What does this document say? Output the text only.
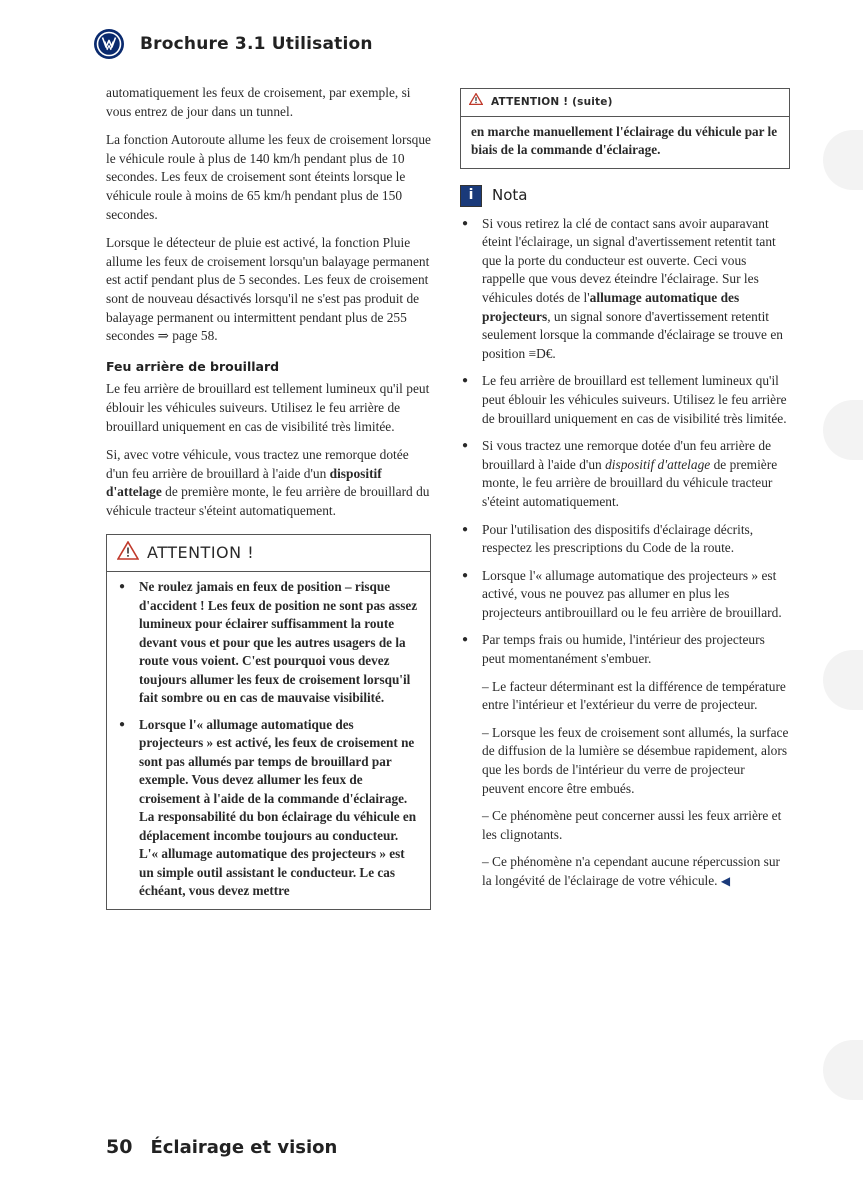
Brochure 3.1 Utilisation

automatiquement les feux de croisement, par exemple, si vous entrez de jour dans un tunnel.

La fonction Autoroute allume les feux de croisement lorsque le véhicule roule à plus de 140 km/h pendant plus de 10 secondes. Les feux de croisement sont éteints lorsque le véhicule roule à moins de 65 km/h pendant plus de 150 secondes.

Lorsque le détecteur de pluie est activé, la fonction Pluie allume les feux de croisement lorsqu'un balayage permanent est actif pendant plus de 5 secondes. Les feux de croisement sont de nouveau désactivés lorsqu'il ne s'est pas produit de balayage permanent ou intermittent pendant plus de 255 secondes ⇒ page 58.

Feu arrière de brouillard

Le feu arrière de brouillard est tellement lumineux qu'il peut éblouir les véhicules suiveurs. Utilisez le feu arrière de brouillard uniquement en cas de visibilité très limitée.

Si, avec votre véhicule, vous tractez une remorque dotée d'un feu arrière de brouillard à l'aide d'un dispositif d'attelage de première monte, le feu arrière de brouillard du véhicule tracteur s'éteint automatiquement.

ATTENTION !

● Ne roulez jamais en feux de position – risque d'accident ! Les feux de position ne sont pas assez lumineux pour éclairer suffisamment la route devant vous et pour que les autres usagers de la route vous voient. C'est pourquoi vous devez toujours allumer les feux de croisement lorsqu'il fait sombre ou en cas de mauvaise visibilité.

● Lorsque l'« allumage automatique des projecteurs » est activé, les feux de croisement ne sont pas allumés par temps de brouillard par exemple. Vous devez allumer les feux de croisement à l'aide de la commande d'éclairage. La responsabilité du bon éclairage du véhicule en déplacement incombe toujours au conducteur. L'« allumage automatique des projecteurs » est un simple outil assistant le conducteur. Le cas échéant, vous devez mettre

ATTENTION ! (suite)
en marche manuellement l'éclairage du véhicule par le biais de la commande d'éclairage.
i	Nota

● Si vous retirez la clé de contact sans avoir auparavant éteint l'éclairage, un signal d'avertissement retentit tant que la porte du conducteur est ouverte. Ceci vous rappelle que vous devez éteindre l'éclairage. Sur les véhicules dotés de l'allumage automatique des projecteurs, un signal sonore d'avertissement retentit seulement lorsque la commande d'éclairage se trouve en position ≡D€.

● Le feu arrière de brouillard est tellement lumineux qu'il peut éblouir les véhicules suiveurs. Utilisez le feu arrière de brouillard uniquement en cas de visibilité très limitée.

● Si vous tractez une remorque dotée d'un feu arrière de brouillard à l'aide d'un dispositif d'attelage de première monte, le feu arrière de brouillard du véhicule tracteur s'éteint automatiquement.

● Pour l'utilisation des dispositifs d'éclairage décrits, respectez les prescriptions du Code de la route.

● Lorsque l'« allumage automatique des projecteurs » est activé, vous ne pouvez pas allumer en plus les projecteurs antibrouillard ou le feu arrière de brouillard.

● Par temps frais ou humide, l'intérieur des projecteurs peut momentanément s'embuer.

– Le facteur déterminant est la différence de température entre l'intérieur et l'extérieur du verre de projecteur.

– Lorsque les feux de croisement sont allumés, la surface de diffusion de la lumière se désembue rapidement, alors que les bords de l'intérieur du verre de projecteur peuvent encore être embués.

– Ce phénomène peut concerner aussi les feux arrière et les clignotants.

– Ce phénomène n'a cependant aucune répercussion sur la longévité de l'éclairage de votre véhicule. ◀

50 Éclairage et vision
